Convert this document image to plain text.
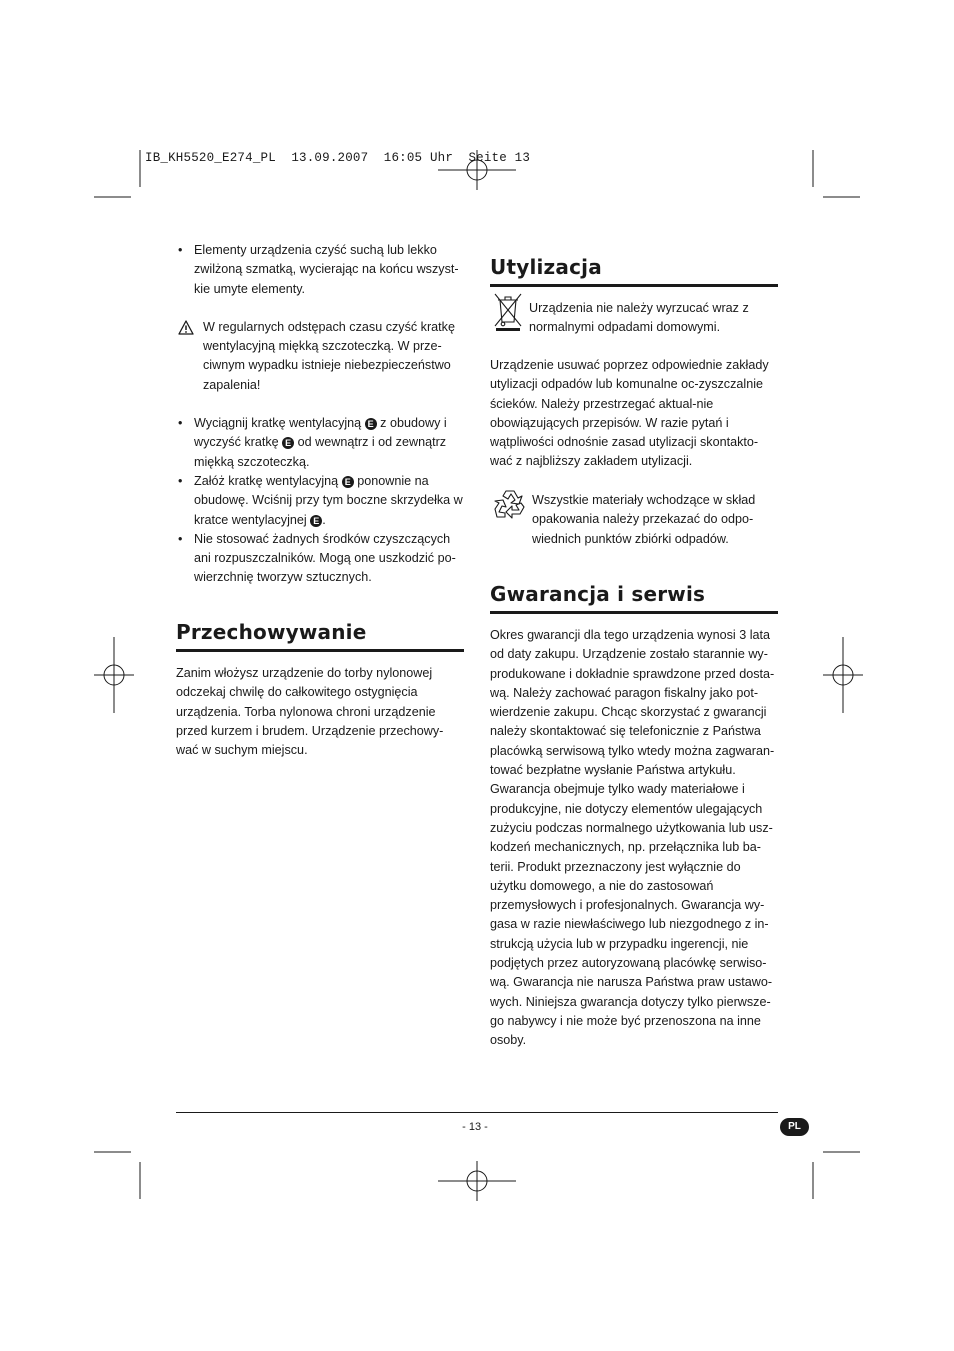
IB_KH5520_E274_PL  13.09.2007  16:05 Uhr  Seite 13
• Elementy urządzenia czyść suchą lub lekko zwilżoną szmatką, wycierając na końcu wszyst-kie umyte elementy.
W regularnych odstępach czasu czyść kratkę wentylacyjną miękką szczoteczką. W prze-ciwnym wypadku istnieje niebezpieczeństwo zapalenia!
• Wyciągnij kratkę wentylacyjną E z obudowy i wyczyść kratkę E od wewnątrz i od zewnątrz miękką szczoteczką.
• Załóż kratkę wentylacyjną E ponownie na obudowę. Wciśnij przy tym boczne skrzydełka w kratce wentylacyjnej E .
• Nie stosować żadnych środków czyszczących ani rozpuszczalników. Mogą one uszkodzić po-wierzchnię tworzyw sztucznych.
Przechowywanie
Zanim włożysz urządzenie do torby nylonowej odczekaj chwilę do całkowitego ostygnięcia urządzenia. Torba nylonowa chroni urządzenie przed kurzem i brudem. Urządzenie przechowy-wać w suchym miejscu.
Utylizacja
Urządzenia nie należy wyrzucać wraz z normalnymi odpadami domowymi.
Urządzenie usuwać poprzez odpowiednie zakłady utylizacji odpadów lub komunalne oc-zyszczalnie ścieków. Należy przestrzegać aktual-nie obowiązujących przepisów. W razie pytań i wątpliwości odnośnie zasad utylizacji skontakto-wać z najbliższy zakładem utylizacji.
Wszystkie materiały wchodzące w skład opakowania należy przekazać do odpo-wiednich punktów zbiórki odpadów.
Gwarancja i serwis
Okres gwarancji dla tego urządzenia wynosi 3 lata od daty zakupu. Urządzenie zostało starannie wy-produkowane i dokładnie sprawdzone przed dosta-wą. Należy zachować paragon fiskalny jako pot-wierdzenie zakupu. Chcąc skorzystać z gwarancji należy skontaktować się telefonicznie z Państwa placówką serwisową tylko wtedy można zagwaran-tować bezpłatne wysłanie Państwa artykułu. Gwarancja obejmuje tylko wady materiałowe i produkcyjne, nie dotyczy elementów ulegających zużyciu podczas normalnego użytkowania lub usz-kodzeń mechanicznych, np. przełącznika lub ba-terii. Produkt przeznaczony jest wyłącznie do użytku domowego, a nie do zastosowań przemysłowych i profesjonalnych. Gwarancja wy-gasa w razie niewłaściwego lub niezgodnego z in-strukcją użycia lub w przypadku ingerencji, nie podjętych przez autoryzowaną placówkę serwiso-wą. Gwarancja nie narusza Państwa praw ustawo-wych. Niniejsza gwarancja dotyczy tylko pierwsze-go nabywcy i nie może być przenoszona na inne osoby.
- 13 -	PL
